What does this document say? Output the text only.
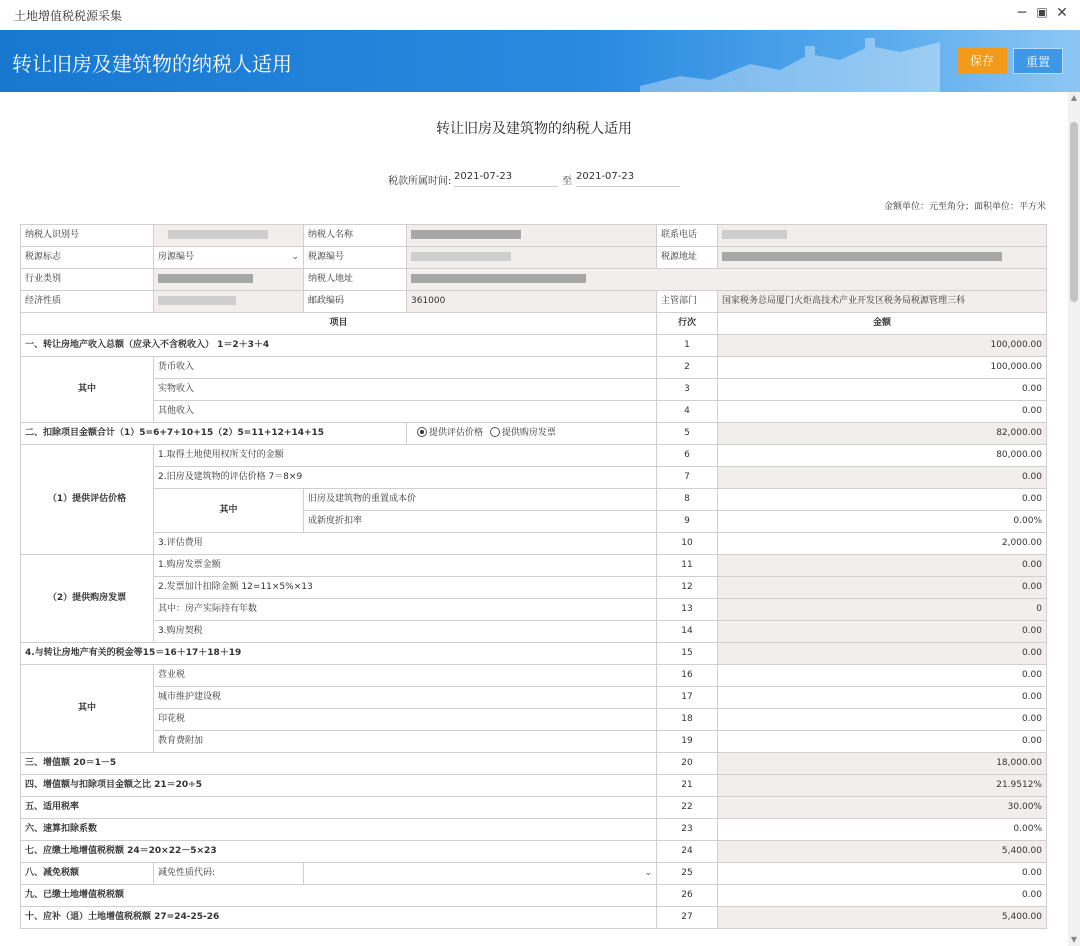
土地增值税税源采集	─ ▣ ✕
转让旧房及建筑物的纳税人适用	保存	重置
▲
▼
转让旧房及建筑物的纳税人适用
税款所属时间: 2021-07-23	至 2021-07-23
金额单位：元至角分；面积单位：平方米
纳税人识别号		纳税人名称		联系电话	
税源标志	房源编号 ⌄	税源编号		税源地址	
行业类别		纳税人地址			
经济性质		邮政编码	361000	主管部门	国家税务总局厦门火炬高技术产业开发区税务局税源管理三科
项目				行次	金额
一、转让房地产收入总额（应录入不含税收入） 1＝2＋3＋4				1	100,000.00
其中	货币收入			2	100,000.00
	实物收入			3	0.00
	其他收入			4	0.00
二、扣除项目金额合计（1）5=6+7+10+15（2）5=11+12+14+15			提供评估价格 提供购房发票	5	82,000.00
（1）提供评估价格	1.取得土地使用权所支付的金额			6	80,000.00
	2.旧房及建筑物的评估价格 7＝8×9			7	0.00
	其中	旧房及建筑物的重置成本价		8	0.00
		成新度折扣率		9	0.00%
	3.评估费用			10	2,000.00
（2）提供购房发票	1.购房发票金额			11	0.00
	2.发票加计扣除金额 12=11×5%×13			12	0.00
	其中：房产实际持有年数			13	0
	3.购房契税			14	0.00
4.与转让房地产有关的税金等15＝16＋17＋18＋19				15	0.00
其中	营业税			16	0.00
	城市维护建设税			17	0.00
	印花税			18	0.00
	教育费附加			19	0.00
三、增值额 20＝1－5				20	18,000.00
四、增值额与扣除项目金额之比 21＝20÷5				21	21.9512%
五、适用税率				22	30.00%
六、速算扣除系数				23	0.00%
七、应缴土地增值税税额 24＝20×22－5×23				24	5,400.00
八、减免税额	减免性质代码:	⌄		25	0.00
九、已缴土地增值税税额				26	0.00
十、应补（退）土地增值税税额 27=24-25-26				27	5,400.00
